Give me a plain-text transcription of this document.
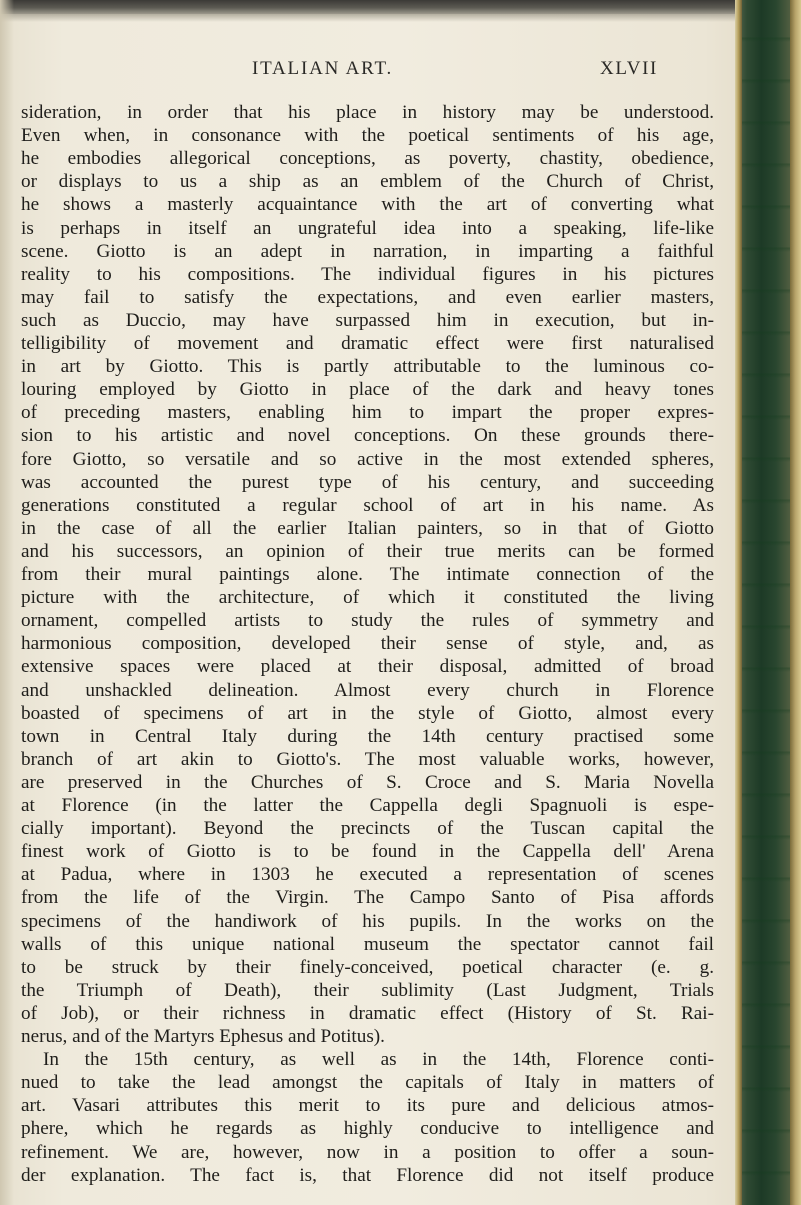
ITALIAN ART.	XLVII
sideration, in order that his place in history may be understood.
Even when, in consonance with the poetical sentiments of his age,
he embodies allegorical conceptions, as poverty, chastity, obedience,
or displays to us a ship as an emblem of the Church of Christ,
he shows a masterly acquaintance with the art of converting what
is perhaps in itself an ungrateful idea into a speaking, life-like
scene. Giotto is an adept in narration, in imparting a faithful
reality to his compositions. The individual figures in his pictures
may fail to satisfy the expectations, and even earlier masters,
such as Duccio, may have surpassed him in execution, but in-
telligibility of movement and dramatic effect were first naturalised
in art by Giotto. This is partly attributable to the luminous co-
louring employed by Giotto in place of the dark and heavy tones
of preceding masters, enabling him to impart the proper expres-
sion to his artistic and novel conceptions. On these grounds there-
fore Giotto, so versatile and so active in the most extended spheres,
was accounted the purest type of his century, and succeeding
generations constituted a regular school of art in his name. As
in the case of all the earlier Italian painters, so in that of Giotto
and his successors, an opinion of their true merits can be formed
from their mural paintings alone. The intimate connection of the
picture with the architecture, of which it constituted the living
ornament, compelled artists to study the rules of symmetry and
harmonious composition, developed their sense of style, and, as
extensive spaces were placed at their disposal, admitted of broad
and unshackled delineation. Almost every church in Florence
boasted of specimens of art in the style of Giotto, almost every
town in Central Italy during the 14th century practised some
branch of art akin to Giotto's. The most valuable works, however,
are preserved in the Churches of S. Croce and S. Maria Novella
at Florence (in the latter the Cappella degli Spagnuoli is espe-
cially important). Beyond the precincts of the Tuscan capital the
finest work of Giotto is to be found in the Cappella dell' Arena
at Padua, where in 1303 he executed a representation of scenes
from the life of the Virgin. The Campo Santo of Pisa affords
specimens of the handiwork of his pupils. In the works on the
walls of this unique national museum the spectator cannot fail
to be struck by their finely-conceived, poetical character (e. g.
the Triumph of Death), their sublimity (Last Judgment, Trials
of Job), or their richness in dramatic effect (History of St. Rai-
nerus, and of the Martyrs Ephesus and Potitus).
In the 15th century, as well as in the 14th, Florence conti-
nued to take the lead amongst the capitals of Italy in matters of
art. Vasari attributes this merit to its pure and delicious atmos-
phere, which he regards as highly conducive to intelligence and
refinement. We are, however, now in a position to offer a soun-
der explanation. The fact is, that Florence did not itself produce
